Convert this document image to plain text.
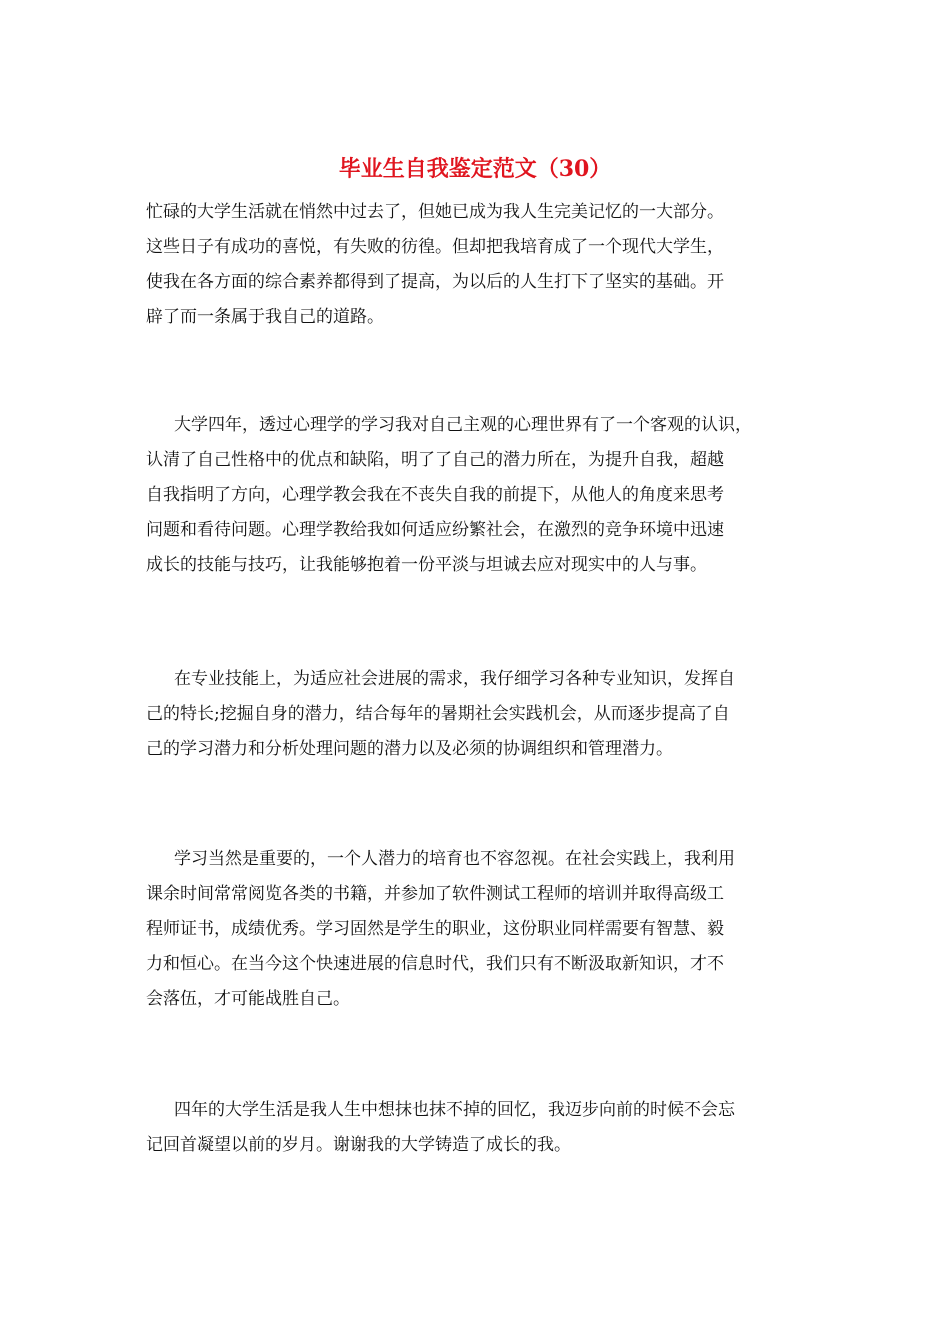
毕业生自我鉴定范文（30）

忙碌的大学生活就在悄然中过去了，但她已成为我人生完美记忆的一大部分。
这些日子有成功的喜悦，有失败的彷徨。但却把我培育成了一个现代大学生，
使我在各方面的综合素养都得到了提高，为以后的人生打下了坚实的基础。开
辟了而一条属于我自己的道路。

大学四年，透过心理学的学习我对自己主观的心理世界有了一个客观的认识，
认清了自己性格中的优点和缺陷，明了了自己的潜力所在，为提升自我，超越
自我指明了方向，心理学教会我在不丧失自我的前提下，从他人的角度来思考
问题和看待问题。心理学教给我如何适应纷繁社会，在激烈的竞争环境中迅速
成长的技能与技巧，让我能够抱着一份平淡与坦诚去应对现实中的人与事。

在专业技能上，为适应社会进展的需求，我仔细学习各种专业知识，发挥自
己的特长;挖掘自身的潜力，结合每年的暑期社会实践机会，从而逐步提高了自
己的学习潜力和分析处理问题的潜力以及必须的协调组织和管理潜力。

学习当然是重要的，一个人潜力的培育也不容忽视。在社会实践上，我利用
课余时间常常阅览各类的书籍，并参加了软件测试工程师的培训并取得高级工
程师证书，成绩优秀。学习固然是学生的职业，这份职业同样需要有智慧、毅
力和恒心。在当今这个快速进展的信息时代，我们只有不断汲取新知识，才不
会落伍，才可能战胜自己。

四年的大学生活是我人生中想抹也抹不掉的回忆，我迈步向前的时候不会忘
记回首凝望以前的岁月。谢谢我的大学铸造了成长的我。
